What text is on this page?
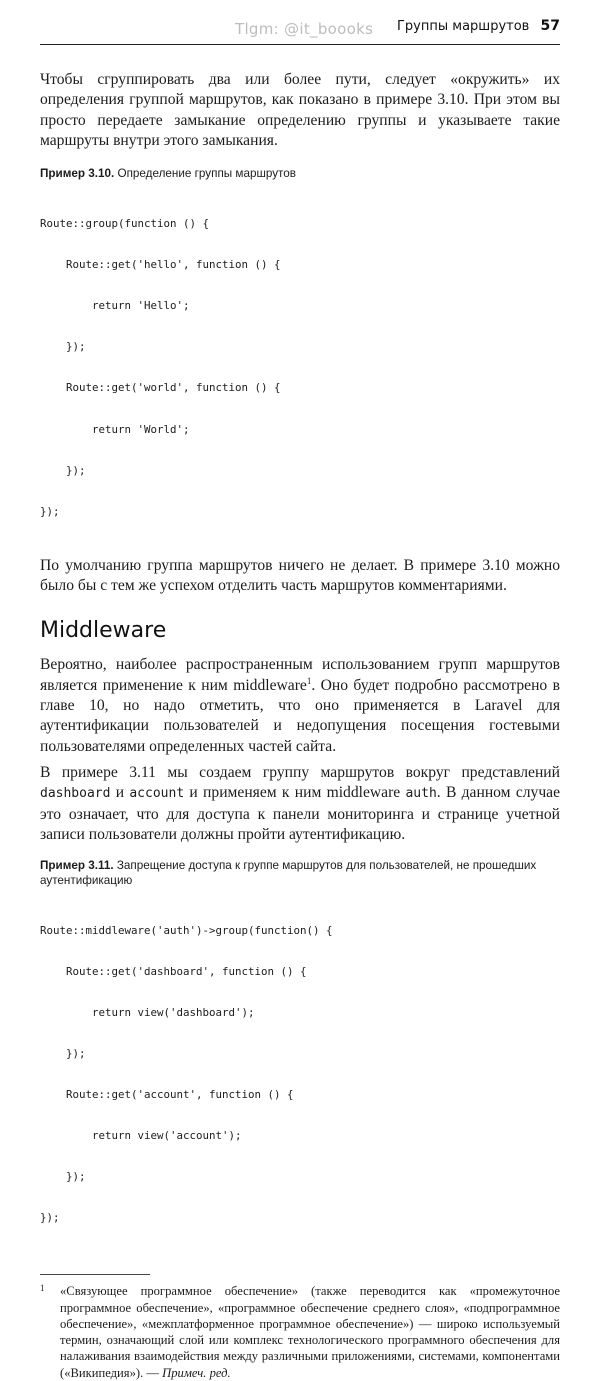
Tlgm: @it_boooks Группы маршрутов 57

Чтобы сгруппировать два или более пути, следует «окружить» их определения группой маршрутов, как показано в примере 3.10. При этом вы просто передаете замыкание определению группы и указываете такие маршруты внутри этого замыкания.

Пример 3.10. Определение группы маршрутов

Route::group(function () {

Route::get('hello', function () {

return 'Hello';

});

Route::get('world', function () {

return 'World';

});

});

По умолчанию группа маршрутов ничего не делает. В примере 3.10 можно было бы с тем же успехом отделить часть маршрутов комментариями.

Middleware

Вероятно, наиболее распространенным использованием групп маршрутов является применение к ним middleware$^1$. Оно будет подробно рассмотрено в главе 10, но надо отметить, что оно применяется в Laravel для аутентификации пользователей и недопущения посещения гостевыми пользователями определенных частей сайта.

В примере 3.11 мы создаем группу маршрутов вокруг представлений dashboard и account и применяем к ним middleware auth. В данном случае это означает, что для доступа к панели мониторинга и странице учетной записи пользователи должны пройти аутентификацию.

Пример 3.11. Запрещение доступа к группе маршрутов для пользователей, не прошедших аутентификацию

Route::middleware('auth')->group(function() {

Route::get('dashboard', function () {

return view('dashboard');

});

Route::get('account', function () {

return view('account');

});

});

1 «Связующее программное обеспечение» (также переводится как «промежуточное программное обеспечение», «программное обеспечение среднего слоя», «подпрограммное обеспечение», «межплатформенное программное обеспечение») — широко используемый термин, означающий слой или комплекс технологического программного обеспечения для налаживания взаимодействия между различными приложениями, системами, компонентами («Википедия»). — Примеч. ред.
